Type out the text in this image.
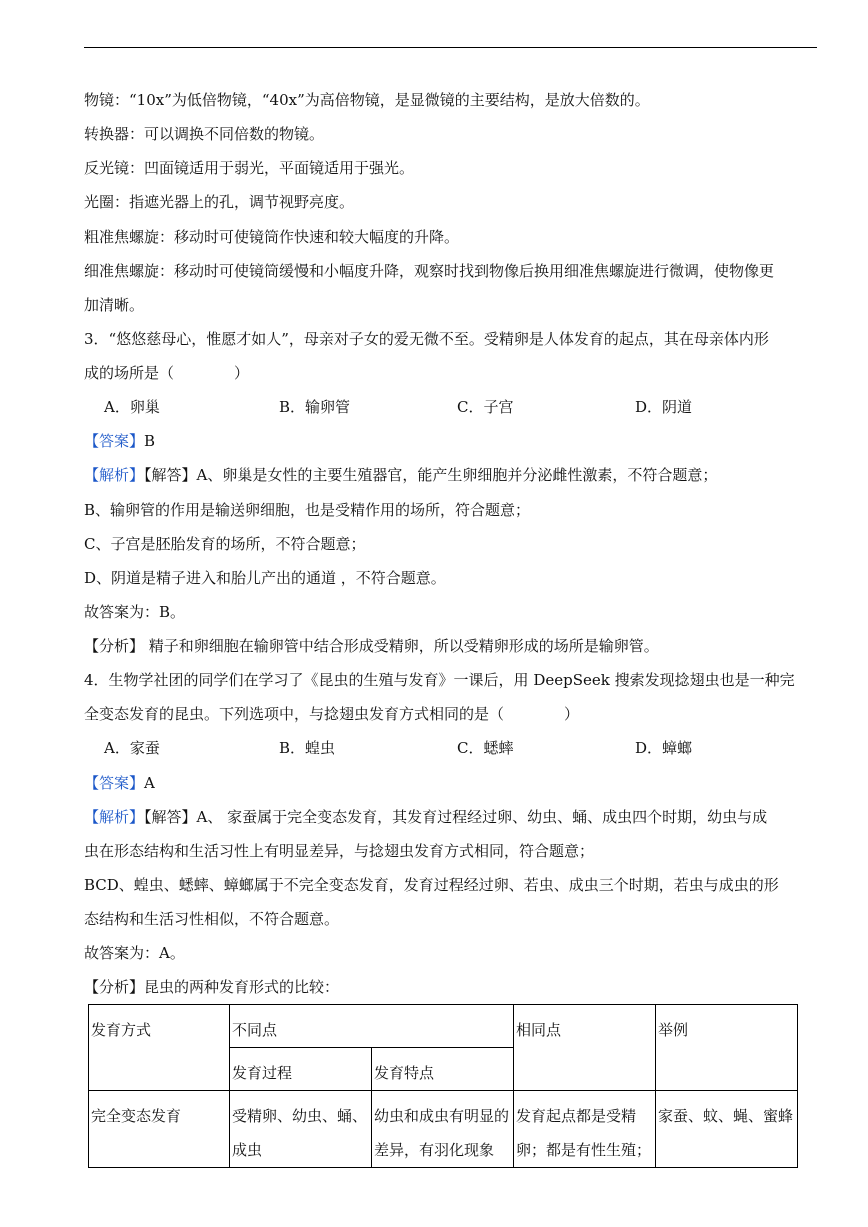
物镜：“10x”为低倍物镜，“40x”为高倍物镜，是显微镜的主要结构，是放大倍数的。
转换器：可以调换不同倍数的物镜。
反光镜：凹面镜适用于弱光，平面镜适用于强光。
光圈：指遮光器上的孔，调节视野亮度。
粗准焦螺旋：移动时可使镜筒作快速和较大幅度的升降。
细准焦螺旋：移动时可使镜筒缓慢和小幅度升降，观察时找到物像后换用细准焦螺旋进行微调，使物像更
加清晰。
3．“悠悠慈母心，惟愿才如人”，母亲对子女的爱无微不至。受精卵是人体发育的起点，其在母亲体内形
成的场所是（　　　　）
A．卵巢	B．输卵管	C．子宫	D．阴道
【答案】B
【解析】【解答】A、卵巢是女性的主要生殖器官，能产生卵细胞并分泌雌性激素，不符合题意；
B、输卵管的作用是输送卵细胞，也是受精作用的场所，符合题意；
C、子宫是胚胎发育的场所，不符合题意；
D、阴道是精子进入和胎儿产出的通道 ，不符合题意。
故答案为：B。
【分析】 精子和卵细胞在输卵管中结合形成受精卵，所以受精卵形成的场所是输卵管。
4．生物学社团的同学们在学习了《昆虫的生殖与发育》一课后，用 DeepSeek 搜索发现捻翅虫也是一种完
全变态发育的昆虫。下列选项中，与捻翅虫发育方式相同的是（　　　　）
A．家蚕	B．蝗虫	C．蟋蟀	D．蟑螂
【答案】A
【解析】【解答】A、 家蚕属于完全变态发育，其发育过程经过卵、幼虫、蛹、成虫四个时期，幼虫与成
虫在形态结构和生活习性上有明显差异，与捻翅虫发育方式相同，符合题意；
BCD、蝗虫、蟋蟀、蟑螂属于不完全变态发育，发育过程经过卵、若虫、成虫三个时期，若虫与成虫的形
态结构和生活习性相似，不符合题意。
故答案为：A。
【分析】昆虫的两种发育形式的比较：
发育方式	不同点		相同点	举例
	发育过程	发育特点		
完全变态发育	受精卵、幼虫、蛹、成虫	幼虫和成虫有明显的差异，有羽化现象	发育起点都是受精卵；都是有性生殖；	家蚕、蚊、蝇、蜜蜂
